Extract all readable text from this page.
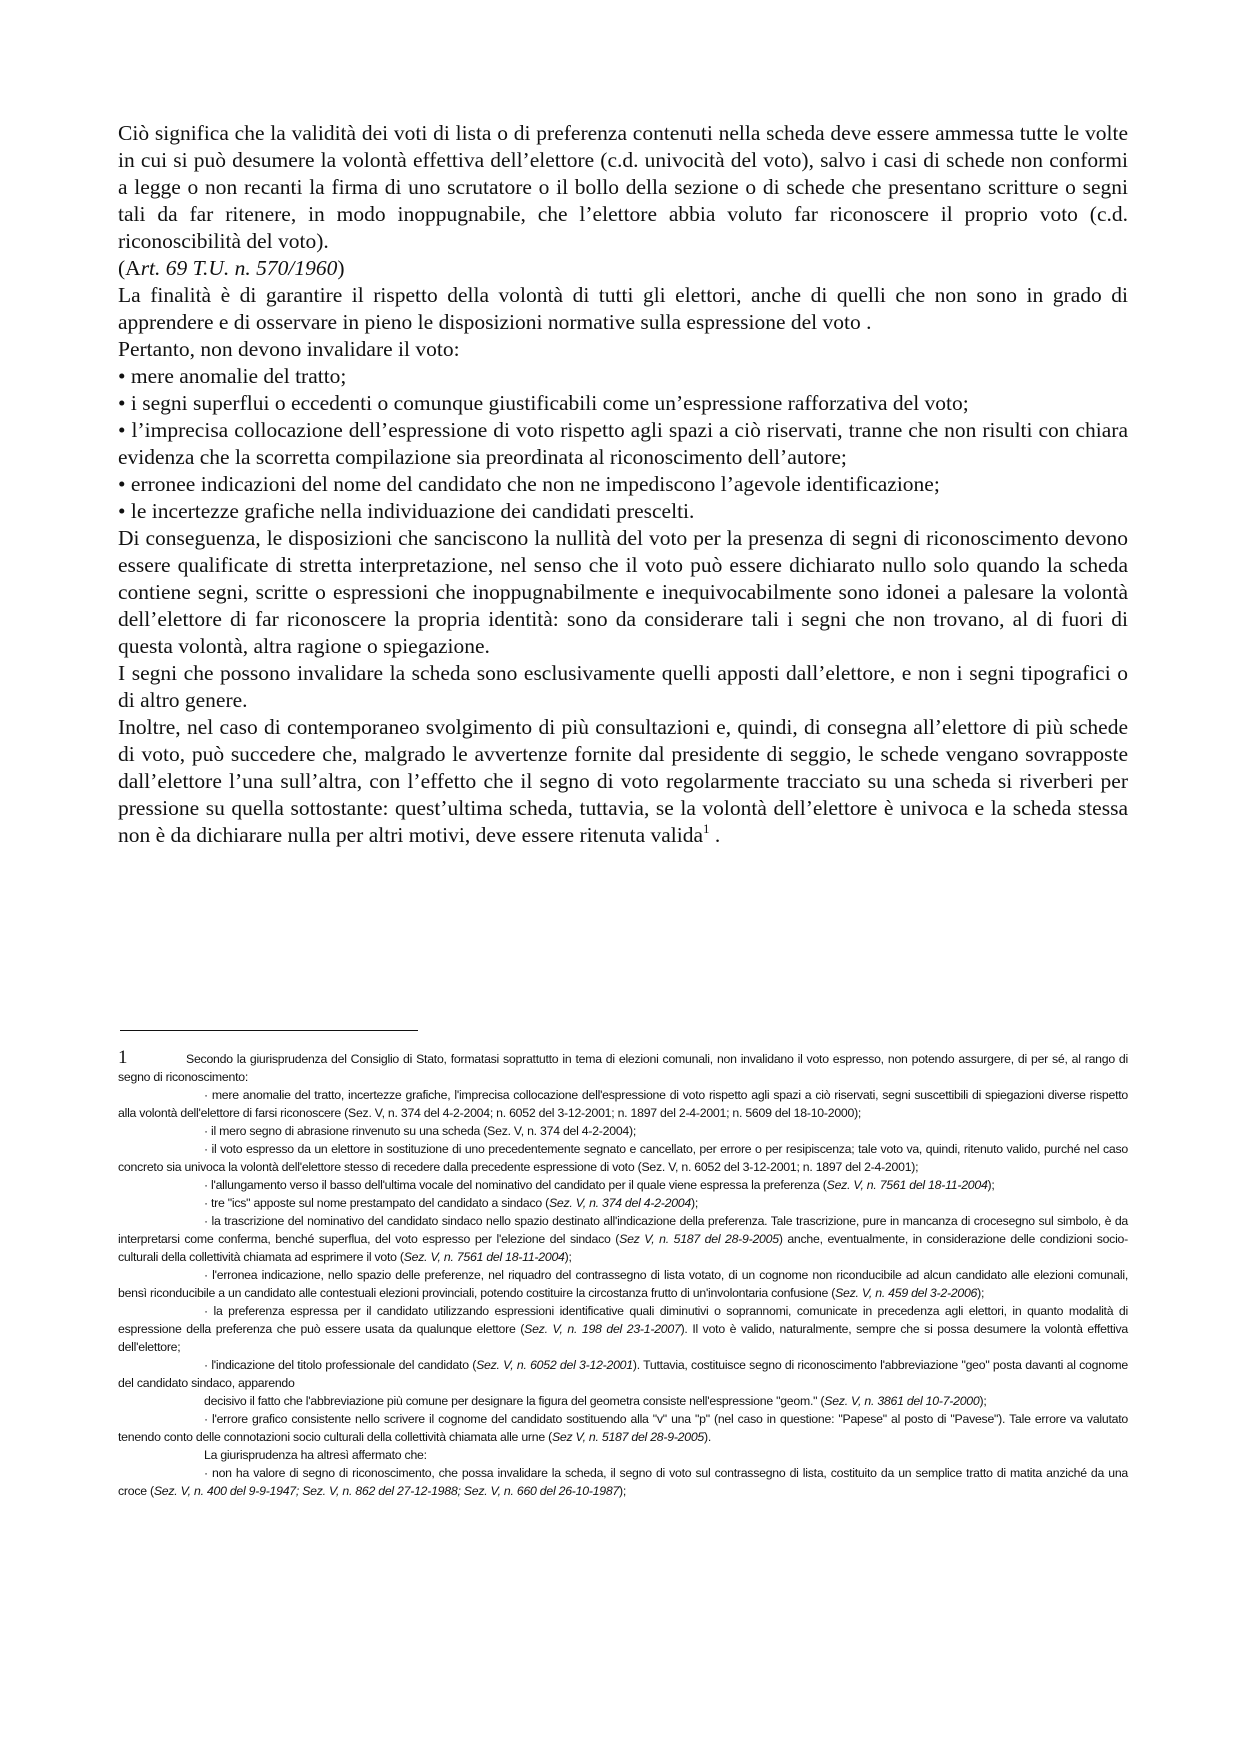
Ciò significa che la validità dei voti di lista o di preferenza contenuti nella scheda deve essere ammessa tutte le volte in cui si può desumere la volontà effettiva dell’elettore (c.d. univocità del voto), salvo i casi di schede non conformi a legge o non recanti la firma di uno scrutatore o il bollo della sezione o di schede che presentano scritture o segni tali da far ritenere, in modo inoppugnabile, che l’elettore abbia voluto far riconoscere il proprio voto (c.d. riconoscibilità del voto).

(Art. 69 T.U. n. 570/1960)

La finalità è di garantire il rispetto della volontà di tutti gli elettori, anche di quelli che non sono in grado di apprendere e di osservare in pieno le disposizioni normative sulla espressione del voto .

Pertanto, non devono invalidare il voto:

• mere anomalie del tratto;

• i segni superflui o eccedenti o comunque giustificabili come un’espressione rafforzativa del voto;

• l’imprecisa collocazione dell’espressione di voto rispetto agli spazi a ciò riservati, tranne che non risulti con chiara evidenza che la scorretta compilazione sia preordinata al riconoscimento dell’autore;

• erronee indicazioni del nome del candidato che non ne impediscono l’agevole identificazione;

• le incertezze grafiche nella individuazione dei candidati prescelti.

Di conseguenza, le disposizioni che sanciscono la nullità del voto per la presenza di segni di riconoscimento devono essere qualificate di stretta interpretazione, nel senso che il voto può essere dichiarato nullo solo quando la scheda contiene segni, scritte o espressioni che inoppugnabilmente e inequivocabilmente sono idonei a palesare la volontà dell’elettore di far riconoscere la propria identità: sono da considerare tali i segni che non trovano, al di fuori di questa volontà, altra ragione o spiegazione.

I segni che possono invalidare la scheda sono esclusivamente quelli apposti dall’elettore, e non i segni tipografici o di altro genere.

Inoltre, nel caso di contemporaneo svolgimento di più consultazioni e, quindi, di consegna all’elettore di più schede di voto, può succedere che, malgrado le avvertenze fornite dal presidente di seggio, le schede vengano sovrapposte dall’elettore l’una sull’altra, con l’effetto che il segno di voto regolarmente tracciato su una scheda si riverberi per pressione su quella sottostante: quest’ultima scheda, tuttavia, se la volontà dell’elettore è univoca e la scheda stessa non è da dichiarare nulla per altri motivi, deve essere ritenuta valida$^1$ .

1	Secondo la giurisprudenza del Consiglio di Stato, formatasi soprattutto in tema di elezioni comunali, non invalidano il voto espresso, non potendo assurgere, di per sé, al rango di segno di riconoscimento:

· mere anomalie del tratto, incertezze grafiche, l'imprecisa collocazione dell'espressione di voto rispetto agli spazi a ciò riservati, segni suscettibili di spiegazioni diverse rispetto alla volontà dell'elettore di farsi riconoscere (Sez. V, n. 374 del 4-2-2004; n. 6052 del 3-12-2001; n. 1897 del 2-4-2001; n. 5609 del 18-10-2000);

· il mero segno di abrasione rinvenuto su una scheda (Sez. V, n. 374 del 4-2-2004);

· il voto espresso da un elettore in sostituzione di uno precedentemente segnato e cancellato, per errore o per resipiscenza; tale voto va, quindi, ritenuto valido, purché nel caso concreto sia univoca la volontà dell'elettore stesso di recedere dalla precedente espressione di voto (Sez. V, n. 6052 del 3-12-2001; n. 1897 del 2-4-2001);

· l'allungamento verso il basso dell'ultima vocale del nominativo del candidato per il quale viene espressa la preferenza (Sez. V, n. 7561 del 18-11-2004);

· tre "ics" apposte sul nome prestampato del candidato a sindaco (Sez. V, n. 374 del 4-2-2004);

· la trascrizione del nominativo del candidato sindaco nello spazio destinato all'indicazione della preferenza. Tale trascrizione, pure in mancanza di crocesegno sul simbolo, è da interpretarsi come conferma, benché superflua, del voto espresso per l'elezione del sindaco (Sez V, n. 5187 del 28-9-2005) anche, eventualmente, in considerazione delle condizioni socio-culturali della collettività chiamata ad esprimere il voto (Sez. V, n. 7561 del 18-11-2004);

· l'erronea indicazione, nello spazio delle preferenze, nel riquadro del contrassegno di lista votato, di un cognome non riconducibile ad alcun candidato alle elezioni comunali, bensì riconducibile a un candidato alle contestuali elezioni provinciali, potendo costituire la circostanza frutto di un'involontaria confusione (Sez. V, n. 459 del 3-2-2006);

· la preferenza espressa per il candidato utilizzando espressioni identificative quali diminutivi o soprannomi, comunicate in precedenza agli elettori, in quanto modalità di espressione della preferenza che può essere usata da qualunque elettore (Sez. V, n. 198 del 23-1-2007). Il voto è valido, naturalmente, sempre che si possa desumere la volontà effettiva dell'elettore;

· l'indicazione del titolo professionale del candidato (Sez. V, n. 6052 del 3-12-2001). Tuttavia, costituisce segno di riconoscimento l'abbreviazione "geo" posta davanti al cognome del candidato sindaco, apparendo

decisivo il fatto che l'abbreviazione più comune per designare la figura del geometra consiste nell'espressione "geom." (Sez. V, n. 3861 del 10-7-2000);

· l'errore grafico consistente nello scrivere il cognome del candidato sostituendo alla "v" una "p" (nel caso in questione: "Papese" al posto di "Pavese"). Tale errore va valutato tenendo conto delle connotazioni socio culturali della collettività chiamata alle urne (Sez V, n. 5187 del 28-9-2005).

La giurisprudenza ha altresì affermato che:

· non ha valore di segno di riconoscimento, che possa invalidare la scheda, il segno di voto sul contrassegno di lista, costituito da un semplice tratto di matita anziché da una croce (Sez. V, n. 400 del 9-9-1947; Sez. V, n. 862 del 27-12-1988; Sez. V, n. 660 del 26-10-1987);
